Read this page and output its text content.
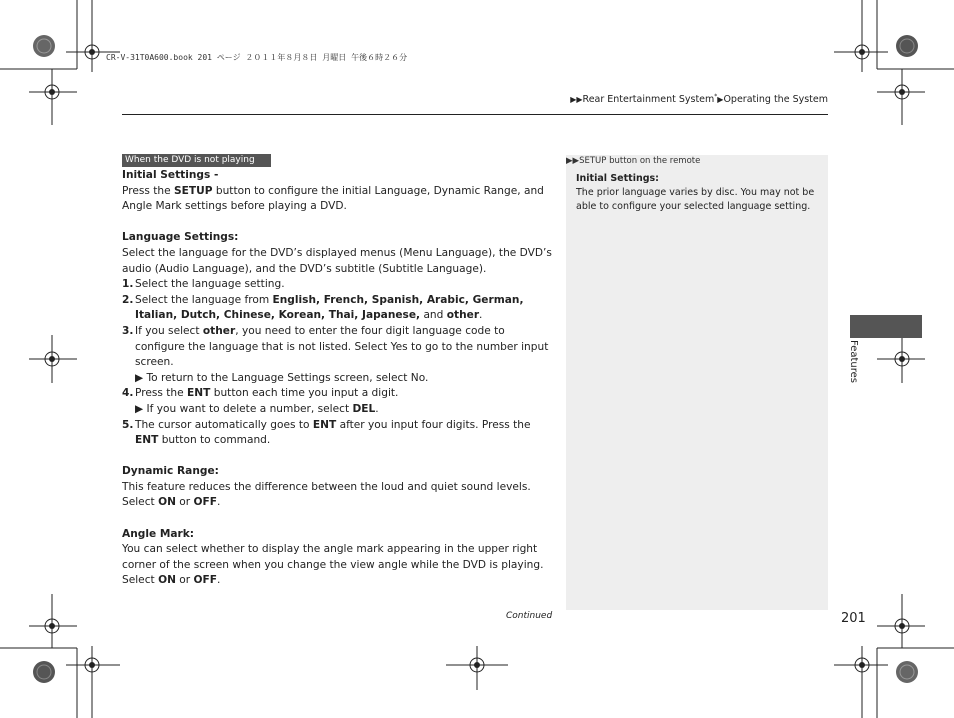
CR-V-31T0A600.book 201 ページ ２０１１年８月８日 月曜日 午後６時２６分
▶▶Rear Entertainment System*▶Operating the System
When the DVD is not playing

Initial Settings -

Press the SETUP button to configure the initial Language, Dynamic Range, and Angle Mark settings before playing a DVD.

Language Settings:

Select the language for the DVD’s displayed menus (Menu Language), the DVD’s audio (Audio Language), and the DVD’s subtitle (Subtitle Language).

1. Select the language setting.
2. Select the language from English, French, Spanish, Arabic, German, Italian, Dutch, Chinese, Korean, Thai, Japanese, and other.
3. If you select other, you need to enter the four digit language code to configure the language that is not listed. Select Yes to go to the number input screen.
▶ To return to the Language Settings screen, select No.
4. Press the ENT button each time you input a digit.
▶ If you want to delete a number, select DEL.
5. The cursor automatically goes to ENT after you input four digits. Press the ENT button to command.

Dynamic Range:

This feature reduces the difference between the loud and quiet sound levels. Select ON or OFF.

Angle Mark:

You can select whether to display the angle mark appearing in the upper right corner of the screen when you change the view angle while the DVD is playing. Select ON or OFF.

▶▶SETUP button on the remote
Initial Settings:
The prior language varies by disc. You may not be able to configure your selected language setting.
Features
Continued	201
